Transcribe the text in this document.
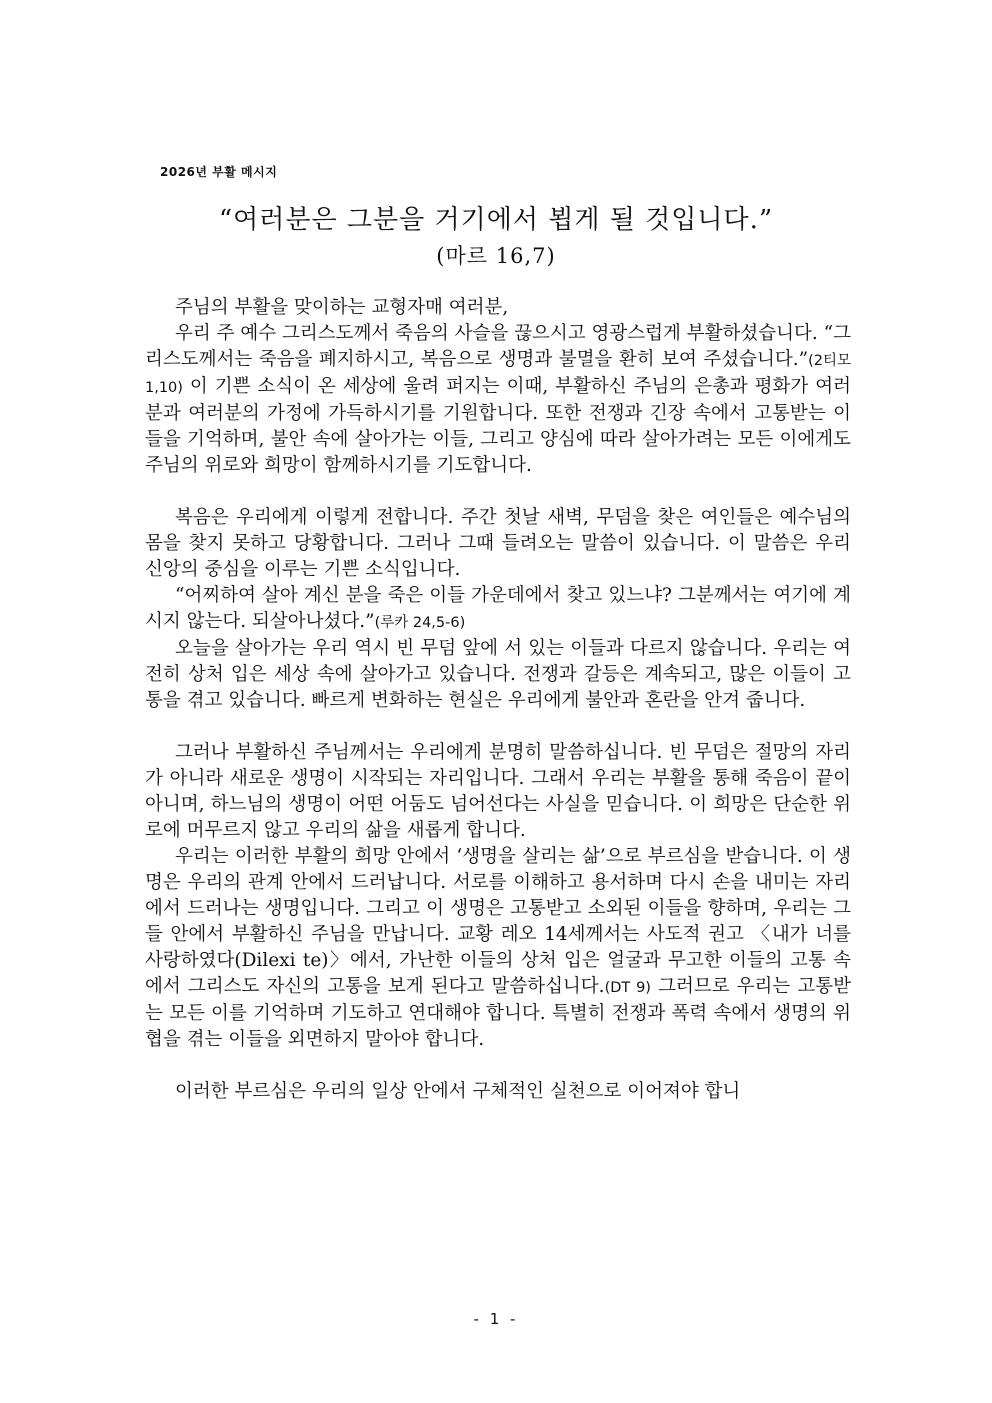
2026년 부활 메시지
“여러분은 그분을 거기에서 뵙게 될 것입니다.”
(마르 16,7)

주님의 부활을 맞이하는 교형자매 여러분,

우리 주 예수 그리스도께서 죽음의 사슬을 끊으시고 영광스럽게 부활하셨습니다. “그리스도께서는 죽음을 폐지하시고, 복음으로 생명과 불멸을 환히 보여 주셨습니다.”(2티모 1,10) 이 기쁜 소식이 온 세상에 울려 퍼지는 이때, 부활하신 주님의 은총과 평화가 여러분과 여러분의 가정에 가득하시기를 기원합니다. 또한 전쟁과 긴장 속에서 고통받는 이들을 기억하며, 불안 속에 살아가는 이들, 그리고 양심에 따라 살아가려는 모든 이에게도 주님의 위로와 희망이 함께하시기를 기도합니다.

복음은 우리에게 이렇게 전합니다. 주간 첫날 새벽, 무덤을 찾은 여인들은 예수님의 몸을 찾지 못하고 당황합니다. 그러나 그때 들려오는 말씀이 있습니다. 이 말씀은 우리 신앙의 중심을 이루는 기쁜 소식입니다.

“어찌하여 살아 계신 분을 죽은 이들 가운데에서 찾고 있느냐? 그분께서는 여기에 계시지 않는다. 되살아나셨다.”(루카 24,5-6)

오늘을 살아가는 우리 역시 빈 무덤 앞에 서 있는 이들과 다르지 않습니다. 우리는 여전히 상처 입은 세상 속에 살아가고 있습니다. 전쟁과 갈등은 계속되고, 많은 이들이 고통을 겪고 있습니다. 빠르게 변화하는 현실은 우리에게 불안과 혼란을 안겨 줍니다.

그러나 부활하신 주님께서는 우리에게 분명히 말씀하십니다. 빈 무덤은 절망의 자리가 아니라 새로운 생명이 시작되는 자리입니다. 그래서 우리는 부활을 통해 죽음이 끝이 아니며, 하느님의 생명이 어떤 어둠도 넘어선다는 사실을 믿습니다. 이 희망은 단순한 위로에 머무르지 않고 우리의 삶을 새롭게 합니다.

우리는 이러한 부활의 희망 안에서 ‘생명을 살리는 삶’으로 부르심을 받습니다. 이 생명은 우리의 관계 안에서 드러납니다. 서로를 이해하고 용서하며 다시 손을 내미는 자리에서 드러나는 생명입니다. 그리고 이 생명은 고통받고 소외된 이들을 향하며, 우리는 그들 안에서 부활하신 주님을 만납니다. 교황 레오 14세께서는 사도적 권고 〈내가 너를 사랑하였다(Dilexi te)〉에서, 가난한 이들의 상처 입은 얼굴과 무고한 이들의 고통 속에서 그리스도 자신의 고통을 보게 된다고 말씀하십니다.(DT 9) 그러므로 우리는 고통받는 모든 이를 기억하며 기도하고 연대해야 합니다. 특별히 전쟁과 폭력 속에서 생명의 위협을 겪는 이들을 외면하지 말아야 합니다.

이러한 부르심은 우리의 일상 안에서 구체적인 실천으로 이어져야 합니

- 1 -
